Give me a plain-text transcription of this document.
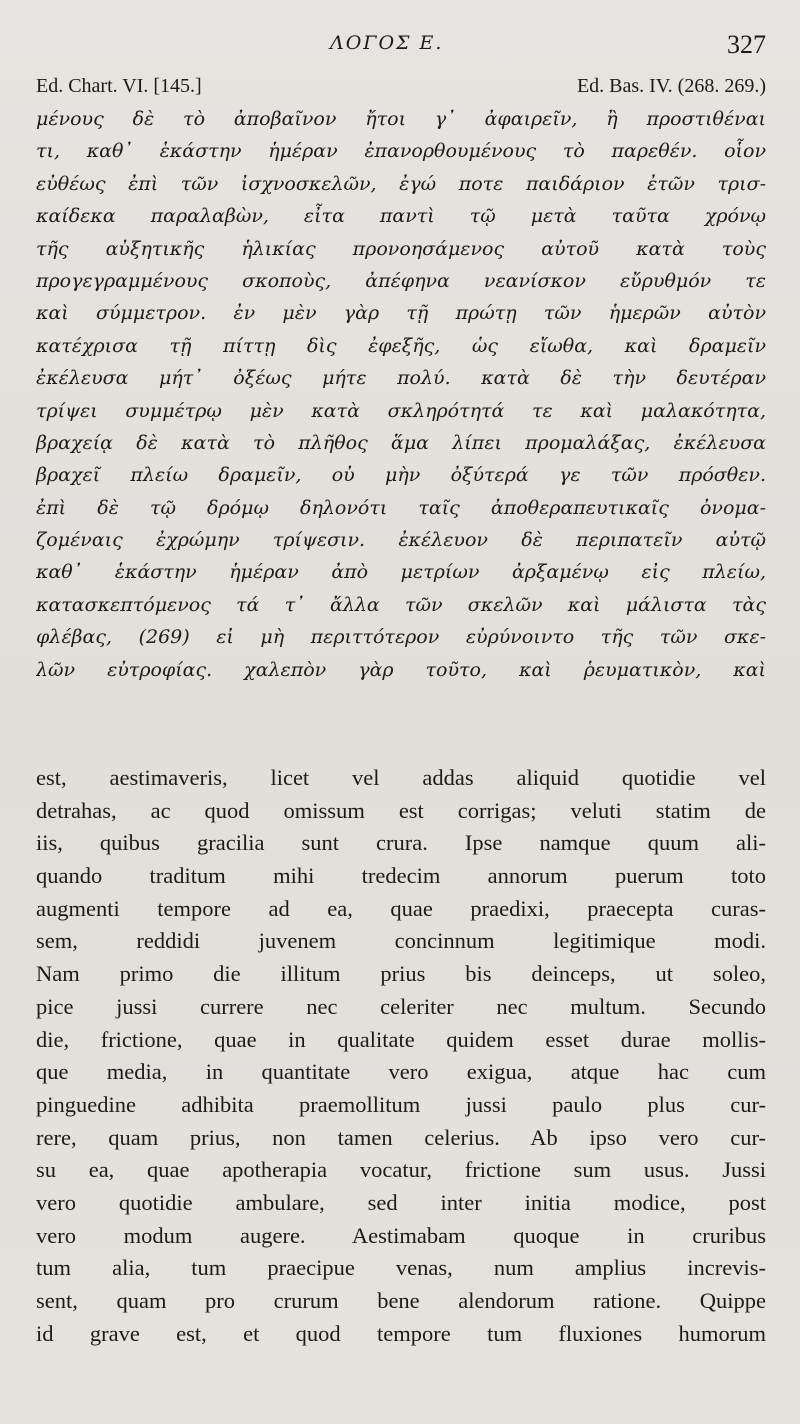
ΛΟΓΟΣ Ε.	327
Ed. Chart. VI. [145.]	Ed. Bas. IV. (268. 269.)
μένους δὲ τὸ ἀποβαῖνον ἤτοι γ᾽ ἀφαιρεῖν, ἢ προστιθέναι
τι, καθ᾽ ἑκάστην ἡμέραν ἐπανορθουμένους τὸ παρεθέν. οἷον
εὐθέως ἐπὶ τῶν ἰσχνοσκελῶν, ἐγώ ποτε παιδάριον ἐτῶν τρισ-
καίδεκα παραλαβὼν, εἶτα παντὶ τῷ μετὰ ταῦτα χρόνῳ
τῆς αὐξητικῆς ἡλικίας προνοησάμενος αὐτοῦ κατὰ τοὺς
προγεγραμμένους σκοποὺς, ἀπέφηνα νεανίσκον εὔρυθμόν τε
καὶ σύμμετρον. ἐν μὲν γὰρ τῇ πρώτῃ τῶν ἡμερῶν αὐτὸν
κατέχρισα τῇ πίττῃ δὶς ἐφεξῆς, ὡς εἴωθα, καὶ δραμεῖν
ἐκέλευσα μήτ᾽ ὀξέως μήτε πολύ. κατὰ δὲ τὴν δευτέραν
τρίψει συμμέτρῳ μὲν κατὰ σκληρότητά τε καὶ μαλακότητα,
βραχείᾳ δὲ κατὰ τὸ πλῆθος ἅμα λίπει προμαλάξας, ἐκέλευσα
βραχεῖ πλείω δραμεῖν, οὐ μὴν ὀξύτερά γε τῶν πρόσθεν.
ἐπὶ δὲ τῷ δρόμῳ δηλονότι ταῖς ἀποθεραπευτικαῖς ὀνομα-
ζομέναις ἐχρώμην τρίψεσιν. ἐκέλευον δὲ περιπατεῖν αὐτῷ
καθ᾽ ἑκάστην ἡμέραν ἀπὸ μετρίων ἀρξαμένῳ εἰς πλείω,
κατασκεπτόμενος τά τ᾽ ἄλλα τῶν σκελῶν καὶ μάλιστα τὰς
φλέβας, (269) εἰ μὴ περιττότερον εὐρύνοιντο τῆς τῶν σκε-
λῶν εὐτροφίας. χαλεπὸν γὰρ τοῦτο, καὶ ῥευματικὸν, καὶ
est, aestimaveris, licet vel addas aliquid quotidie vel
detrahas, ac quod omissum est corrigas; veluti statim de
iis, quibus gracilia sunt crura. Ipse namque quum ali-
quando traditum mihi tredecim annorum puerum toto
augmenti tempore ad ea, quae praedixi, praecepta curas-
sem, reddidi juvenem concinnum legitimique modi.
Nam primo die illitum prius bis deinceps, ut soleo,
pice jussi currere nec celeriter nec multum. Secundo
die, frictione, quae in qualitate quidem esset durae mollis-
que media, in quantitate vero exigua, atque hac cum
pinguedine adhibita praemollitum jussi paulo plus cur-
rere, quam prius, non tamen celerius. Ab ipso vero cur-
su ea, quae apotherapia vocatur, frictione sum usus. Jussi
vero quotidie ambulare, sed inter initia modice, post
vero modum augere. Aestimabam quoque in cruribus
tum alia, tum praecipue venas, num amplius increvis-
sent, quam pro crurum bene alendorum ratione. Quippe
id grave est, et quod tempore tum fluxiones humorum
